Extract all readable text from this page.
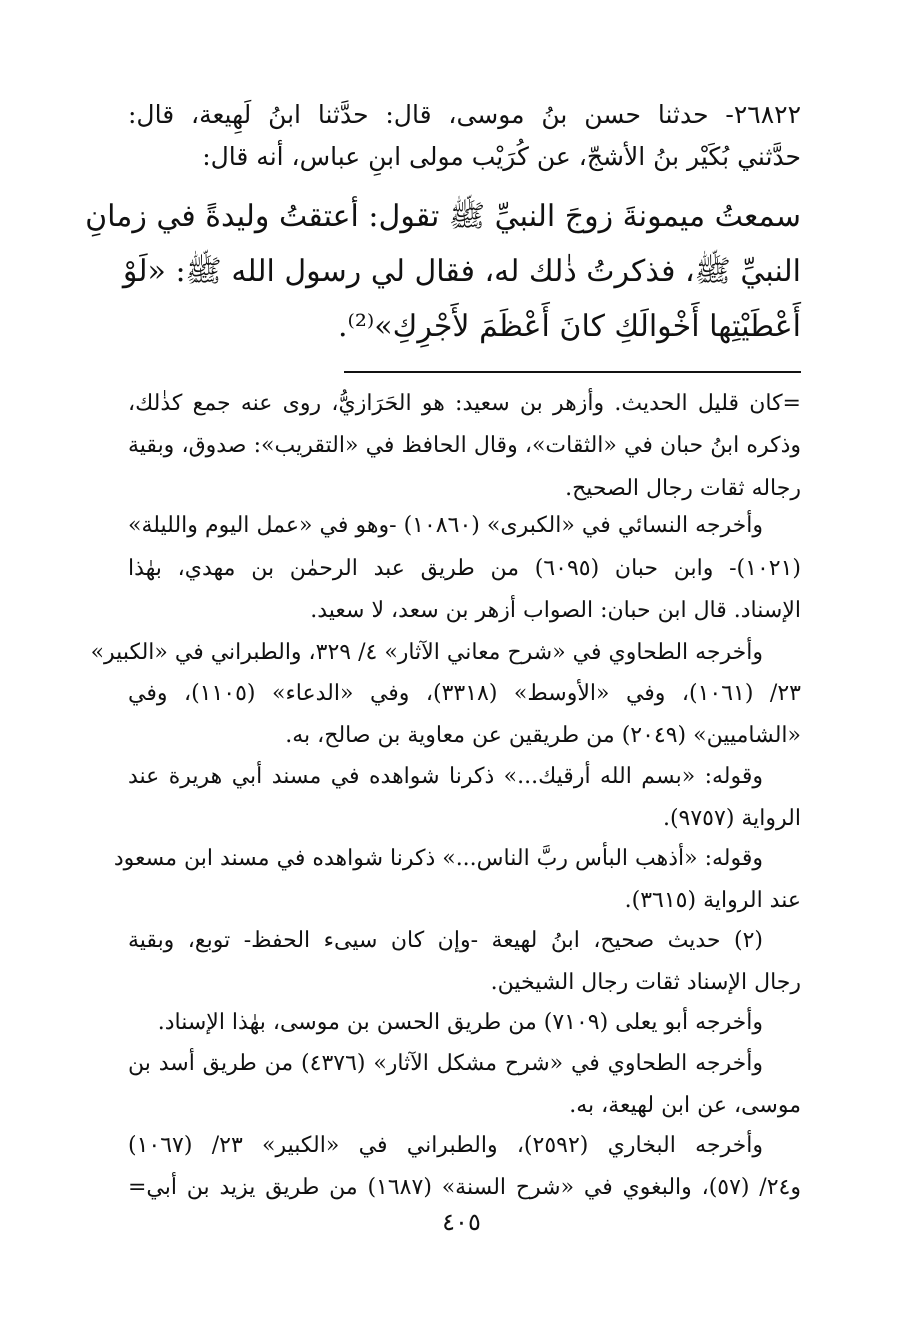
٢٦٨٢٢- حدثنا حسن بنُ موسى، قال: حدَّثنا ابنُ لَهِيعة، قال:
حدَّثني بُكَيْر بنُ الأشجّ، عن كُرَيْب مولى ابنِ عباس، أنه قال:
سمعتُ ميمونةَ زوجَ النبيِّ ﷺ تقول: أعتقتُ وليدةً في زمانِ
النبيِّ ﷺ، فذكرتُ ذٰلك له، فقال لي رسول الله ﷺ: «لَوْ
أَعْطَيْتِها أَخْوالَكِ كانَ أَعْظَمَ لأَجْرِكِ»⁽²⁾.
=كان قليل الحديث. وأزهر بن سعيد: هو الحَرَازيُّ، روى عنه جمع كذٰلك،
وذكره ابنُ حبان في «الثقات»، وقال الحافظ في «التقريب»: صدوق، وبقية
رجاله ثقات رجال الصحيح.
وأخرجه النسائي في «الكبرى» (١٠٨٦٠) -وهو في «عمل اليوم والليلة»
(١٠٢١)- وابن حبان (٦٠٩٥) من طريق عبد الرحمٰن بن مهدي، بهٰذا
الإسناد. قال ابن حبان: الصواب أزهر بن سعد، لا سعيد.
وأخرجه الطحاوي في «شرح معاني الآثار» ٤/ ٣٢٩، والطبراني في «الكبير»
٢٣/ (١٠٦١)، وفي «الأوسط» (٣٣١٨)، وفي «الدعاء» (١١٠٥)، وفي
«الشاميين» (٢٠٤٩) من طريقين عن معاوية بن صالح، به.
وقوله: «بسم الله أرقيك...» ذكرنا شواهده في مسند أبي هريرة عند
الرواية (٩٧٥٧).
وقوله: «أذهب البأس ربَّ الناس...» ذكرنا شواهده في مسند ابن مسعود
عند الرواية (٣٦١٥).
(٢) حديث صحيح، ابنُ لهيعة -وإن كان سيىء الحفظ- توبع، وبقية
رجال الإسناد ثقات رجال الشيخين.
وأخرجه أبو يعلى (٧١٠٩) من طريق الحسن بن موسى، بهٰذا الإسناد.
وأخرجه الطحاوي في «شرح مشكل الآثار» (٤٣٧٦) من طريق أسد بن
موسى، عن ابن لهيعة، به.
وأخرجه البخاري (٢٥٩٢)، والطبراني في «الكبير» ٢٣/ (١٠٦٧)
و٢٤/ (٥٧)، والبغوي في «شرح السنة» (١٦٨٧) من طريق يزيد بن أبي=
٤٠٥
